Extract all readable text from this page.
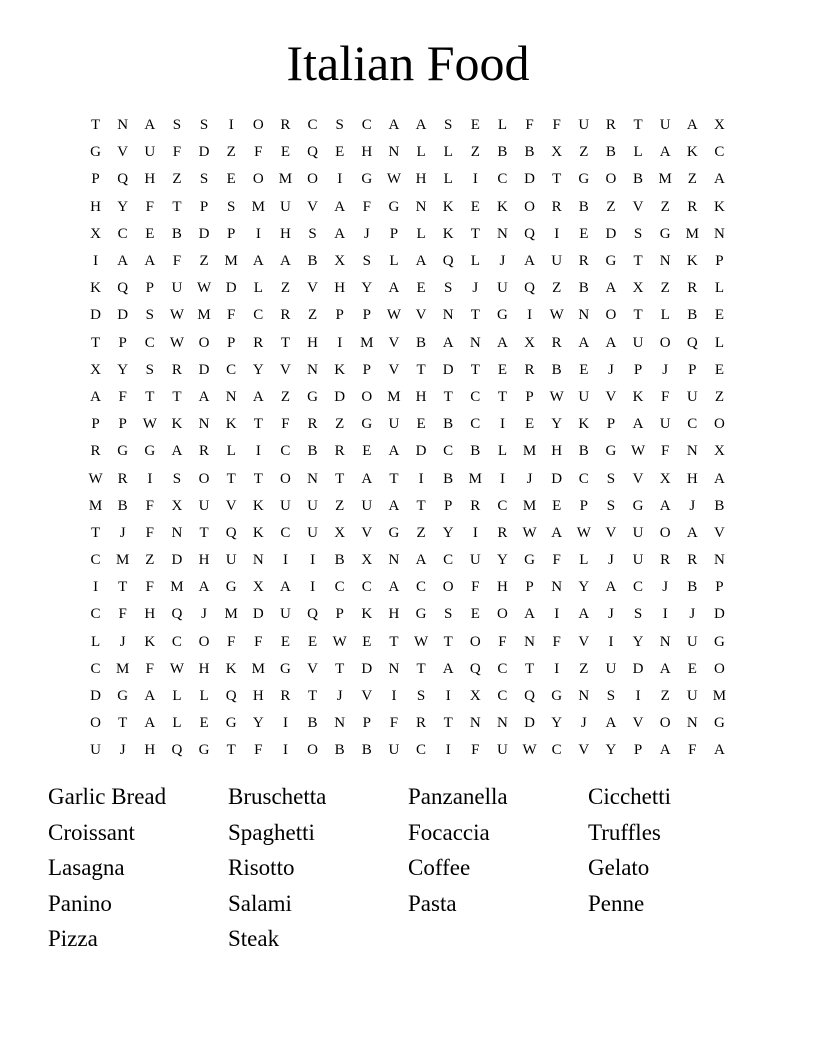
Italian Food
T	N	A	S	S	I	O	R	C	S	C	A	A	S	E	L	F	F	U	R	T	U	A	X
G	V	U	F	D	Z	F	E	Q	E	H	N	L	L	Z	B	B	X	Z	B	L	A	K	C
P	Q	H	Z	S	E	O	M	O	I	G W H	L	I	C	D	T	G	O	B	M	Z	A
H	Y	F	T	P	S	M	U	V	A	F	G	N	K	E	K	O	R	B	Z	V	Z	R	K
X	C	E	B	D	P	I	H	S	A	J	P	L	K	T	N	Q	I	E	D	S	G	M	N
I	A	A	F	Z	M	A	A	B	X	S	L	A	Q	L	J	A	U	R	G	T	N	K	P
K	Q	P	U W D	L	Z	V	H	Y	A	E	S	J	U	Q	Z	B	A	X	Z	R	L
D	D	S	W M	F	C	R	Z	P	P	W V	N	T	G	I	W N	O	T	L	B	E
T	P	C	W O	P	R	T	H	I	M	V	B	A	N	A	X	R	A	A	U	O	Q	L
X	Y	S	R	D	C	Y	V	N	K	P	V	T	D	T	E	R	B	E	J	P	J	P	E
A	F	T	T	A	N	A	Z	G	D	O	M	H	T	C	T	P	W U	V	K	F	U	Z
P	P	W K	N	K	T	F	R	Z	G	U	E	B	C	I	E	Y	K	P	A	U	C	O
R	G	G	A	R	L	I	C	B	R	E	A	D	C	B	L	M	H	B	G W	F	N	X
W	R	I	S	O	T	T	O	N	T	A	T	I	B	M	I	J	D	C	S	V	X	H	A
M	B	F	X	U	V	K	U	U	Z	U	A	T	P	R	C	M	E	P	S	G	A	J	B
T	J	F	N	T	Q	K	C	U	X	V	G	Z	Y	I	R	W A W V	U	O	A	V
C	M	Z	D	H	U	N	I	I	B	X	N	A	C	U	Y	G	F	L	J	U	R	R	N
I	T	F	M	A	G	X	A	I	C	C	A	C	O	F	H	P	N	Y	A	C	J	B	P
C	F	H	Q	J	M	D	U	Q	P	K	H	G	S	E	O	A	I	A	J	S	I	J	D
L	J	K	C	O	F	F	E	E	W	E	T	W	T	O	F	N	F	V	I	Y	N	U	G
C	M	F	W H	K	M	G	V	T	D	N	T	A	Q	C	T	I	Z	U	D	A	E	O
D	G	A	L	L	Q	H	R	T	J	V	I	S	I	X	C	Q	G	N	S	I	Z	U	M
O	T	A	L	E	G	Y	I	B	N	P	F	R	T	N	N	D	Y	J	A	V	O	N	G
U	J	H	Q	G	T	F	I	O	B	B	U	C	I	F	U W	C	V	Y	P	A	F	A
Garlic Bread	Bruschetta	Panzanella	Cicchetti
Croissant	Spaghetti	Focaccia	Truffles
Lasagna	Risotto	Coffee	Gelato
Panino	Salami	Pasta	Penne
Pizza	Steak
